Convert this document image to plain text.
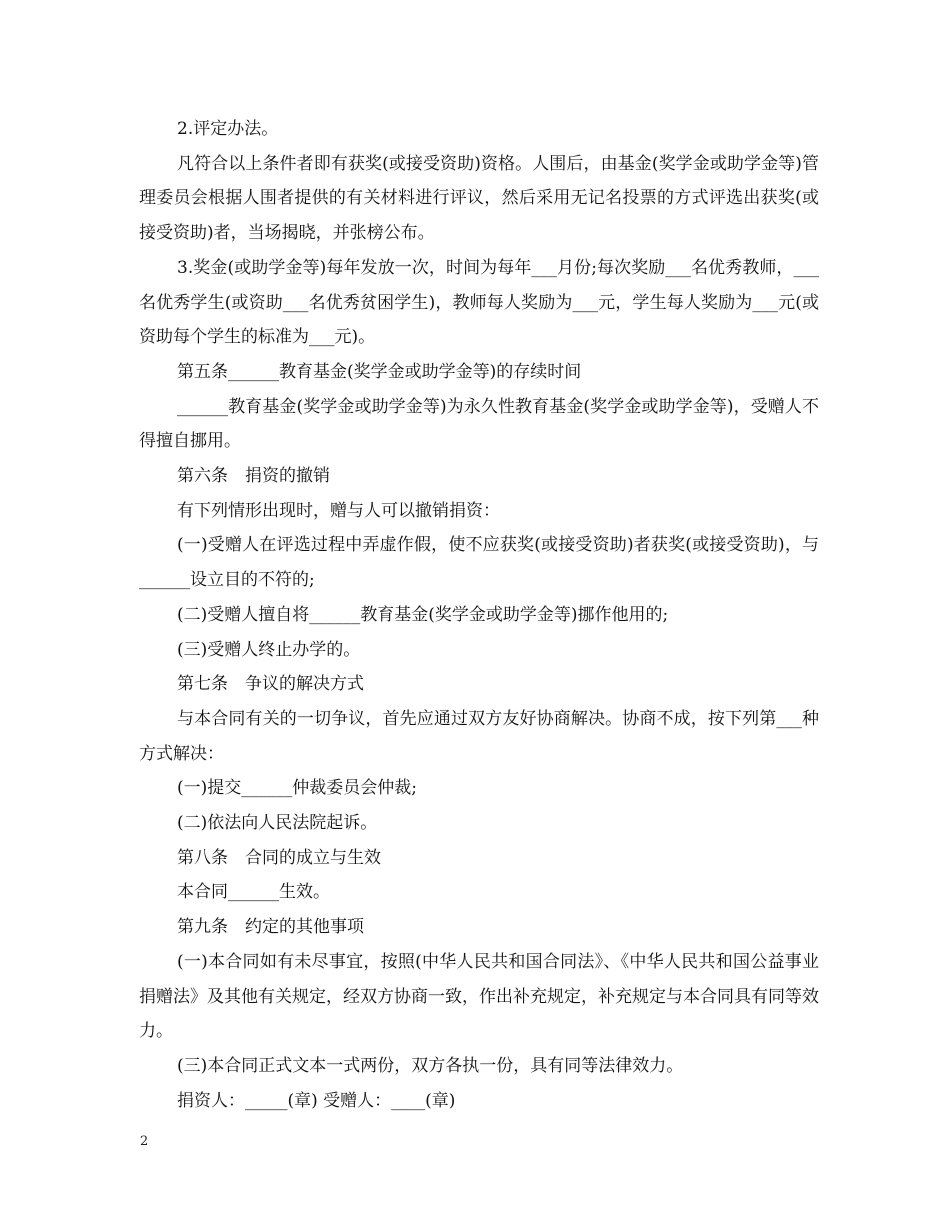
2.评定办法。

凡符合以上条件者即有获奖(或接受资助)资格。人围后，由基金(奖学金或助学金等)管理委员会根据人围者提供的有关材料进行评议，然后采用无记名投票的方式评选出获奖(或接受资助)者，当场揭晓，并张榜公布。

3.奖金(或助学金等)每年发放一次，时间为每年___月份;每次奖励___名优秀教师，___名优秀学生(或资助___名优秀贫困学生)，教师每人奖励为___元，学生每人奖励为___元(或资助每个学生的标准为___元)。

第五条______教育基金(奖学金或助学金等)的存续时间

______教育基金(奖学金或助学金等)为永久性教育基金(奖学金或助学金等)，受赠人不得擅自挪用。

第六条　捐资的撤销

有下列情形出现时，赠与人可以撤销捐资：

(一)受赠人在评选过程中弄虚作假，使不应获奖(或接受资助)者获奖(或接受资助)，与______设立目的不符的;

(二)受赠人擅自将______教育基金(奖学金或助学金等)挪作他用的;

(三)受赠人终止办学的。

第七条　争议的解决方式

与本合同有关的一切争议，首先应通过双方友好协商解决。协商不成，按下列第___种方式解决：

(一)提交______仲裁委员会仲裁;

(二)依法向人民法院起诉。

第八条　合同的成立与生效

本合同______生效。

第九条　约定的其他事项

(一)本合同如有未尽事宜，按照(中华人民共和国合同法》、《中华人民共和国公益事业捐赠法》及其他有关规定，经双方协商一致，作出补充规定，补充规定与本合同具有同等效力。

(三)本合同正式文本一式两份，双方各执一份，具有同等法律效力。

捐资人：_____(章) 受赠人：____(章)

2
